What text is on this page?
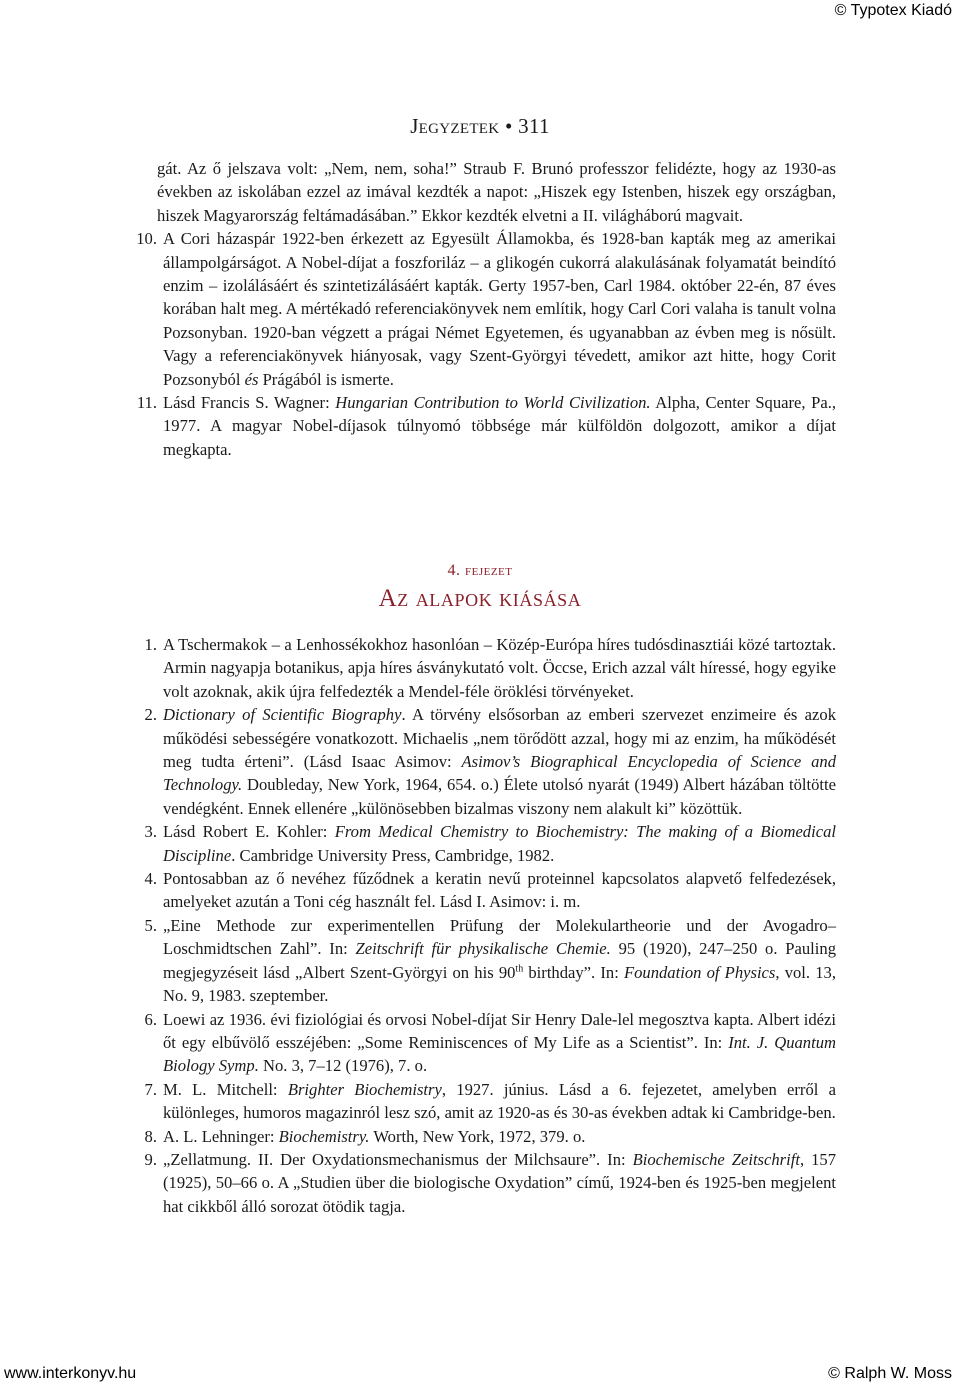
© Typotex Kiadó
Jegyzetek • 311
gát. Az ő jelszava volt: „Nem, nem, soha!” Straub F. Brunó professzor felidézte, hogy az 1930-as években az iskolában ezzel az imával kezdték a napot: „Hiszek egy Istenben, hiszek egy országban, hiszek Magyarország feltámadásában.” Ekkor kezdték elvetni a II. világháború magvait.
10. A Cori házaspár 1922-ben érkezett az Egyesült Államokba, és 1928-ban kapták meg az amerikai állampolgárságot. A Nobel-díjat a foszforiláz – a glikogén cukorrá alakulásának folyamatát beindító enzim – izolálásáért és szintetizálásáért kapták. Gerty 1957-ben, Carl 1984. október 22-én, 87 éves korában halt meg. A mértékadó referenciakönyvek nem említik, hogy Carl Cori valaha is tanult volna Pozsonyban. 1920-ban végzett a prágai Német Egyetemen, és ugyanabban az évben meg is nősült. Vagy a referenciakönyvek hiányosak, vagy Szent-Györgyi tévedett, amikor azt hitte, hogy Corit Pozsonyból és Prágából is ismerte.
11. Lásd Francis S. Wagner: Hungarian Contribution to World Civilization. Alpha, Center Square, Pa., 1977. A magyar Nobel-díjasok túlnyomó többsége már külföldön dolgozott, amikor a díjat megkapta.
4. fejezet
Az alapok kiásása
1. A Tschermakok – a Lenhossékokhoz hasonlóan – Közép-Európa híres tudósdinasztiái közé tartoztak. Armin nagyapja botanikus, apja híres ásványkutató volt. Öccse, Erich azzal vált híressé, hogy egyike volt azoknak, akik újra felfedezték a Mendel-féle öröklési törvényeket.
2. Dictionary of Scientific Biography. A törvény elsősorban az emberi szervezet enzimeire és azok működési sebességére vonatkozott. Michaelis „nem törődött azzal, hogy mi az enzim, ha működését meg tudta érteni”. (Lásd Isaac Asimov: Asimov’s Biographical Encyclopedia of Science and Technology. Doubleday, New York, 1964, 654. o.) Élete utolsó nyarát (1949) Albert házában töltötte vendégként. Ennek ellenére „különösebben bizalmas viszony nem alakult ki” közöttük.
3. Lásd Robert E. Kohler: From Medical Chemistry to Biochemistry: The making of a Biomedical Discipline. Cambridge University Press, Cambridge, 1982.
4. Pontosabban az ő nevéhez fűződnek a keratin nevű proteinnel kapcsolatos alapvető felfedezések, amelyeket azután a Toni cég használt fel. Lásd I. Asimov: i. m.
5. „Eine Methode zur experimentellen Prüfung der Molekulartheorie und der Avogadro–Loschmidtschen Zahl”. In: Zeitschrift für physikalische Chemie. 95 (1920), 247–250 o. Pauling megjegyzéseit lásd „Albert Szent-Györgyi on his 90th birthday”. In: Foundation of Physics, vol. 13, No. 9, 1983. szeptember.
6. Loewi az 1936. évi fiziológiai és orvosi Nobel-díjat Sir Henry Dale-lel megosztva kapta. Albert idézi őt egy elbűvölő esszéjében: „Some Reminiscences of My Life as a Scientist”. In: Int. J. Quantum Biology Symp. No. 3, 7–12 (1976), 7. o.
7. M. L. Mitchell: Brighter Biochemistry, 1927. június. Lásd a 6. fejezetet, amelyben erről a különleges, humoros magazinról lesz szó, amit az 1920-as és 30-as években adtak ki Cambridge-ben.
8. A. L. Lehninger: Biochemistry. Worth, New York, 1972, 379. o.
9. „Zellatmung. II. Der Oxydationsmechanismus der Milchsaure”. In: Biochemische Zeitschrift, 157 (1925), 50–66 o. A „Studien über die biologische Oxydation” című, 1924-ben és 1925-ben megjelent hat cikkből álló sorozat ötödik tagja.
www.interkonyv.hu	© Ralph W. Moss
